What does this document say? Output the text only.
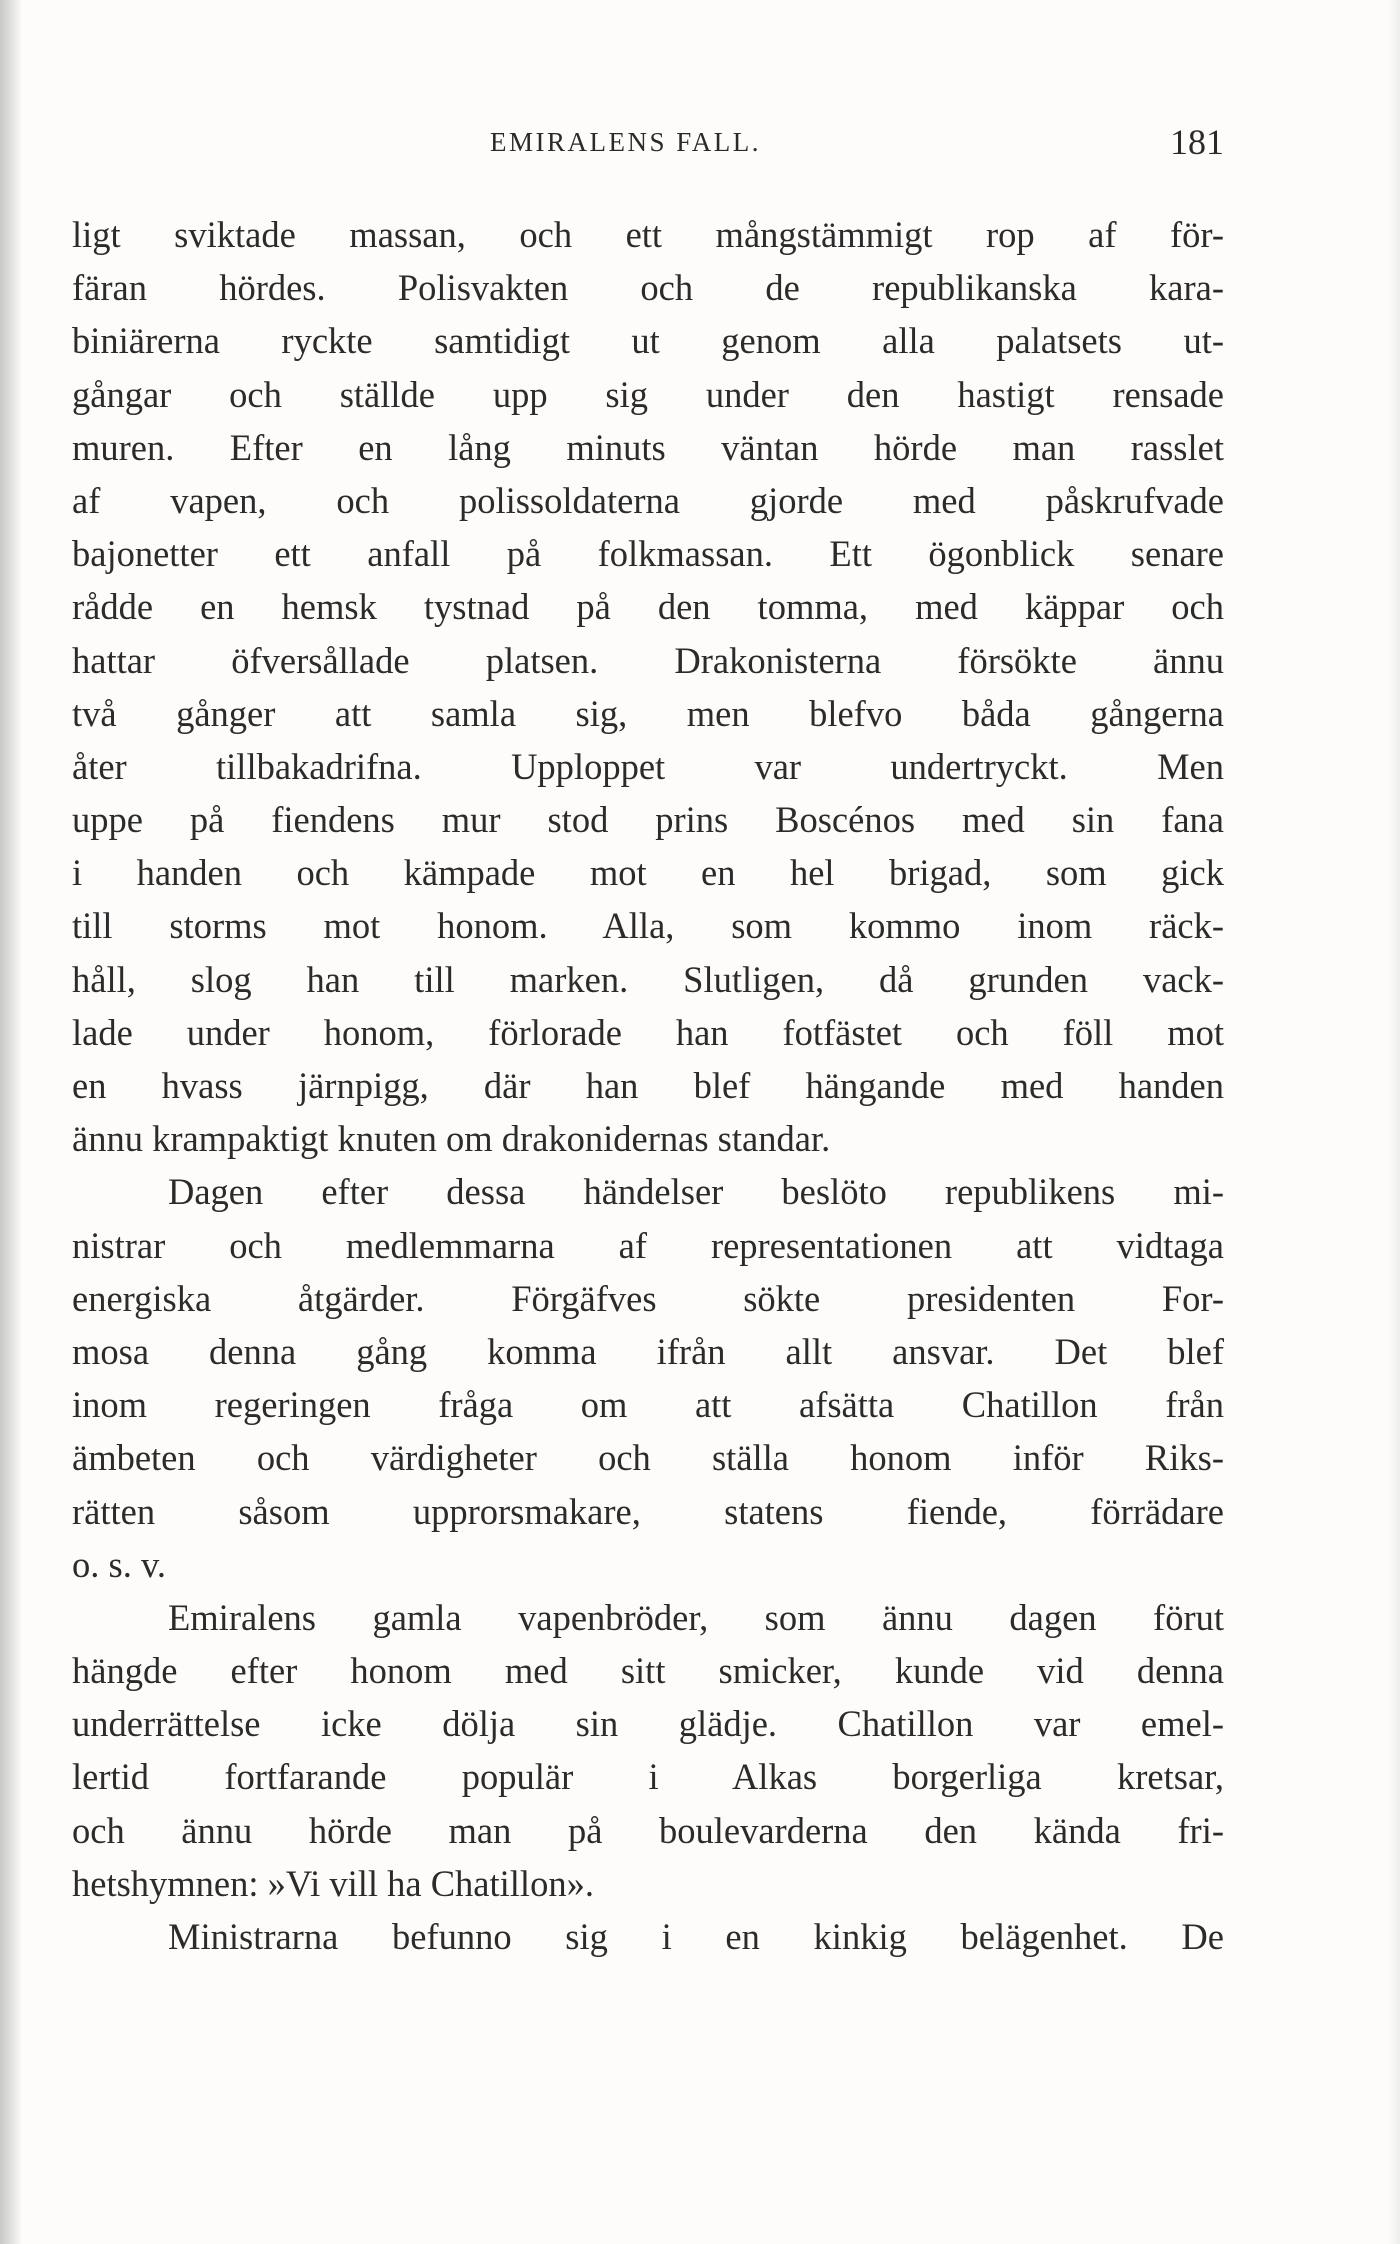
EMIRALENS FALL.	181
ligt sviktade massan, och ett mångstämmigt rop af för-
färan hördes. Polisvakten och de republikanska kara-
biniärerna ryckte samtidigt ut genom alla palatsets ut-
gångar och ställde upp sig under den hastigt rensade
muren. Efter en lång minuts väntan hörde man rasslet
af vapen, och polissoldaterna gjorde med påskrufvade
bajonetter ett anfall på folkmassan. Ett ögonblick senare
rådde en hemsk tystnad på den tomma, med käppar och
hattar öfversållade platsen. Drakonisterna försökte ännu
två gånger att samla sig, men blefvo båda gångerna
åter tillbakadrifna. Upploppet var undertryckt. Men
uppe på fiendens mur stod prins Boscénos med sin fana
i handen och kämpade mot en hel brigad, som gick
till storms mot honom. Alla, som kommo inom räck-
håll, slog han till marken. Slutligen, då grunden vack-
lade under honom, förlorade han fotfästet och föll mot
en hvass järnpigg, där han blef hängande med handen
ännu krampaktigt knuten om drakonidernas standar.
Dagen efter dessa händelser beslöto republikens mi-
nistrar och medlemmarna af representationen att vidtaga
energiska åtgärder. Förgäfves sökte presidenten For-
mosa denna gång komma ifrån allt ansvar. Det blef
inom regeringen fråga om att afsätta Chatillon från
ämbeten och värdigheter och ställa honom inför Riks-
rätten såsom upprorsmakare, statens fiende, förrädare
o. s. v.
Emiralens gamla vapenbröder, som ännu dagen förut
hängde efter honom med sitt smicker, kunde vid denna
underrättelse icke dölja sin glädje. Chatillon var emel-
lertid fortfarande populär i Alkas borgerliga kretsar,
och ännu hörde man på boulevarderna den kända fri-
hetshymnen: »Vi vill ha Chatillon».
Ministrarna befunno sig i en kinkig belägenhet. De
